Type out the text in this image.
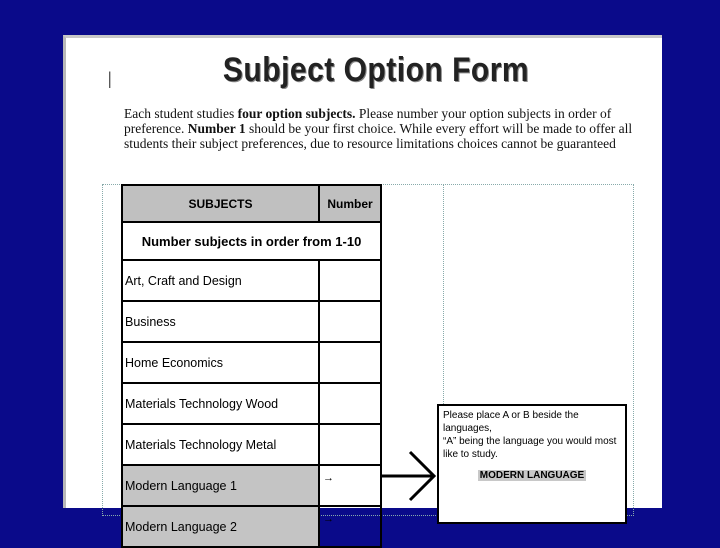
|	Subject Option Form
Each student studies four option subjects. Please number your option subjects in order of preference. Number 1 should be your first choice. While every effort will be made to offer all students their subject preferences, due to resource limitations choices cannot be guaranteed
SUBJECTS	Number
Number subjects in order from 1-10	
Art, Craft and Design	
Business	
Home Economics	
Materials Technology Wood	
Materials Technology Metal	
Modern Language 1	→
Modern Language 2	→
Please place A or B beside the languages,
“A” being the language you would most
like to study.
MODERN LANGUAGE
